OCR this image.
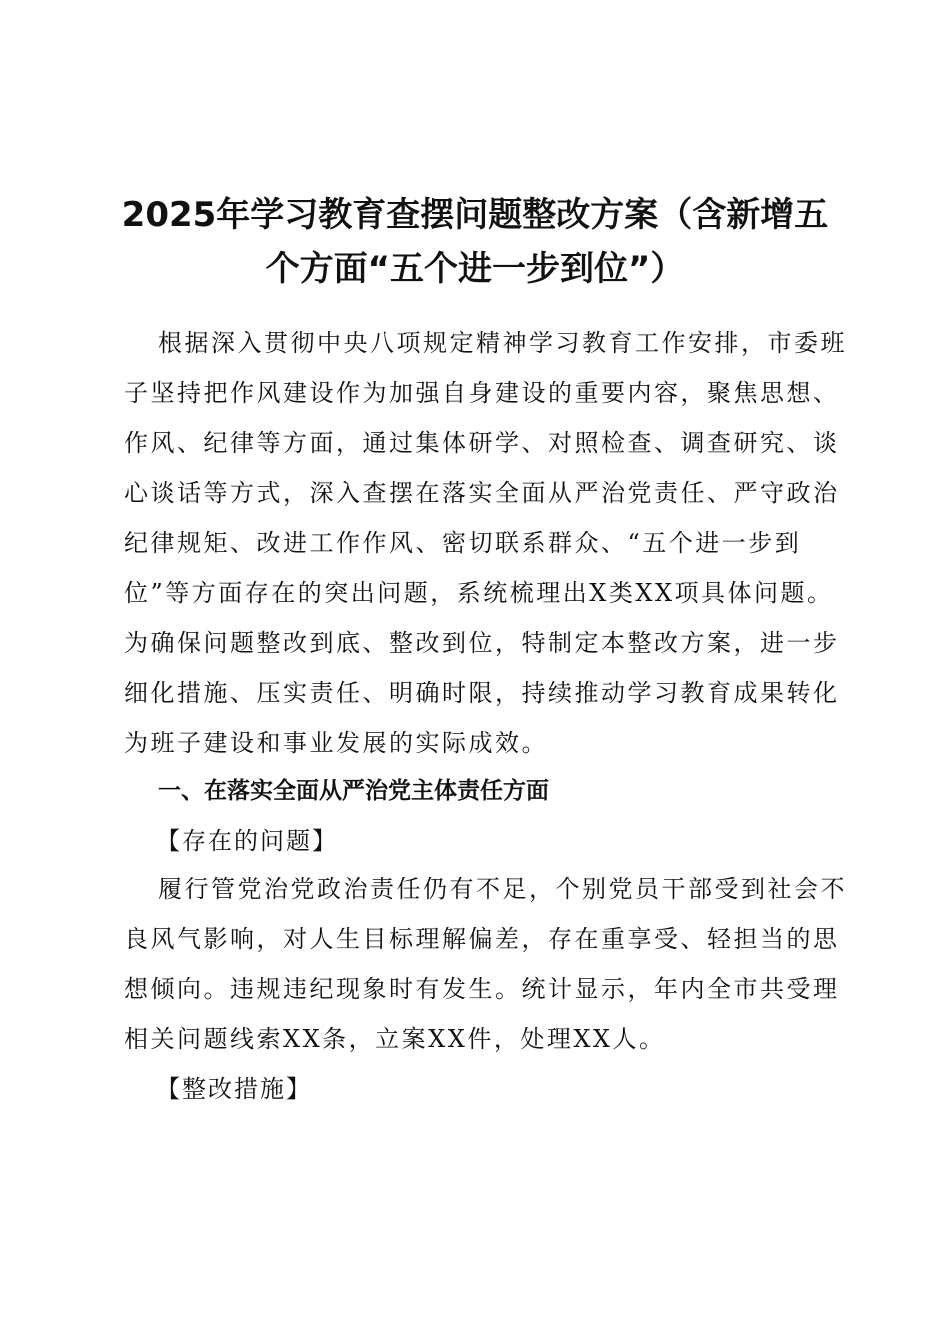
2025年学习教育查摆问题整改方案（含新增五
个方面“五个进一步到位”）
根据深入贯彻中央八项规定精神学习教育工作安排，市委班
子坚持把作风建设作为加强自身建设的重要内容，聚焦思想、
作风、纪律等方面，通过集体研学、对照检查、调查研究、谈
心谈话等方式，深入查摆在落实全面从严治党责任、严守政治
纪律规矩、改进工作作风、密切联系群众、“五个进一步到
位”等方面存在的突出问题，系统梳理出X类XX项具体问题。
为确保问题整改到底、整改到位，特制定本整改方案，进一步
细化措施、压实责任、明确时限，持续推动学习教育成果转化
为班子建设和事业发展的实际成效。
一、在落实全面从严治党主体责任方面
【存在的问题】
履行管党治党政治责任仍有不足，个别党员干部受到社会不
良风气影响，对人生目标理解偏差，存在重享受、轻担当的思
想倾向。违规违纪现象时有发生。统计显示，年内全市共受理
相关问题线索XX条，立案XX件，处理XX人。
【整改措施】
